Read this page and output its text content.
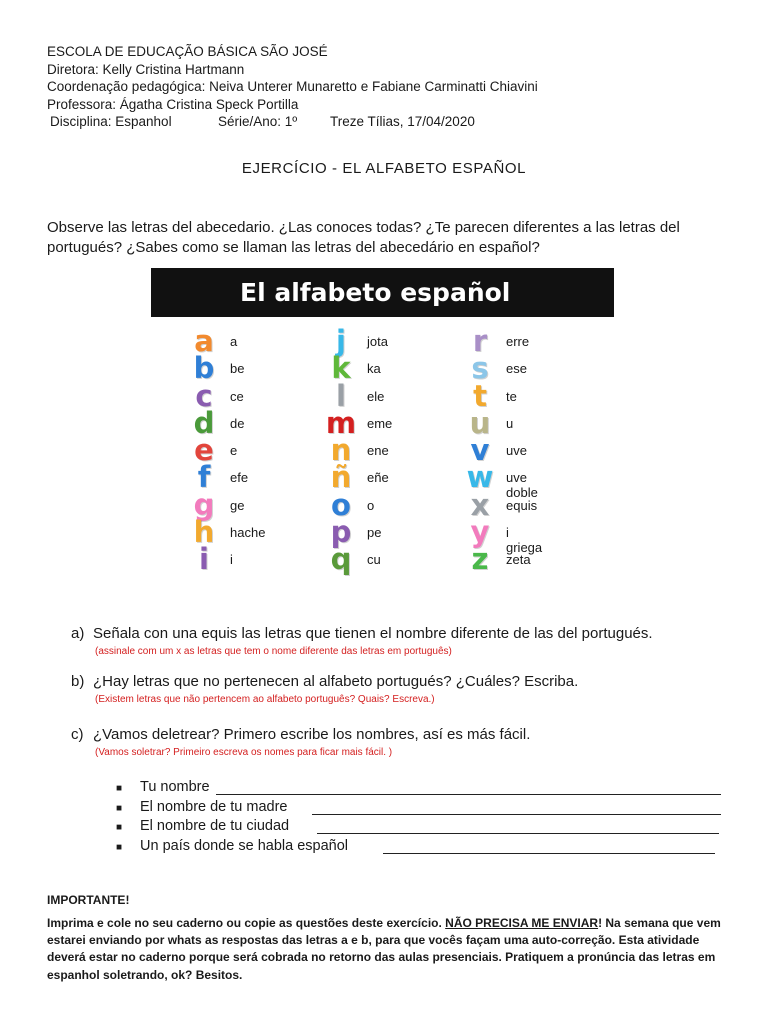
ESCOLA DE EDUCAÇÃO BÁSICA SÃO JOSÉ
Diretora: Kelly Cristina Hartmann
Coordenação pedagógica: Neiva Unterer Munaretto e Fabiane Carminatti Chiavini
Professora: Ágatha Cristina Speck Portilla
Disciplina: Espanhol	Série/Ano: 1º Treze Tílias, 17/04/2020
EJERCÍCIO - EL ALFABETO ESPAÑOL
Observe las letras del abecedario. ¿Las conoces todas? ¿Te parecen diferentes a las letras del portugués? ¿Sabes como se llaman las letras del abecedário en español?
El alfabeto español
a	a
b	be
c	ce
d	de
e	e
f	efe
g	ge
h	hache
i	i
j	jota
k	ka
l	ele
m eme
n	ene
ñ	eñe
o	o
p	pe
q	cu
r	erre
s	ese
t	te
u	u
v	uve
w uve doble
x	equis
y	i griega
z	zeta
a) Señala con una equis las letras que tienen el nombre diferente de las del portugués.
(assinale com um x as letras que tem o nome diferente das letras em português)
b) ¿Hay letras que no pertenecen al alfabeto portugués? ¿Cuáles? Escriba.
(Existem letras que não pertencem ao alfabeto português? Quais? Escreva.)
c) ¿Vamos deletrear? Primero escribe los nombres, así es más fácil.
(Vamos soletrar? Primeiro escreva os nomes para ficar mais fácil. )
■ Tu nombre
■ El nombre de tu madre
■ El nombre de tu ciudad
■ Un país donde se habla español
IMPORTANTE!
Imprima e cole no seu caderno ou copie as questões deste exercício. NÃO PRECISA ME ENVIAR! Na semana que vem estarei enviando por whats as respostas das letras a e b, para que vocês façam uma auto-correção. Esta atividade deverá estar no caderno porque será cobrada no retorno das aulas presenciais. Pratiquem a pronúncia das letras em espanhol soletrando, ok? Besitos.
